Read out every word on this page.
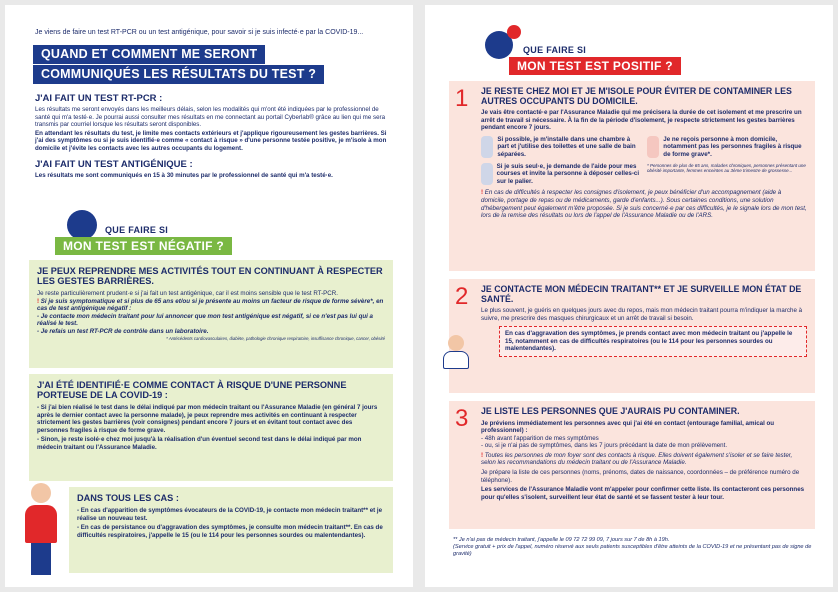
Je viens de faire un test RT-PCR ou un test antigénique, pour savoir si je suis infecté·e par la COVID-19...
QUAND ET COMMENT ME SERONT
COMMUNIQUÉS LES RÉSULTATS DU TEST ?
J'AI FAIT UN TEST RT-PCR :
Les résultats me seront envoyés dans les meilleurs délais, selon les modalités qui m'ont été indiquées par le professionnel de santé qui m'a testé·e. Je pourrai aussi consulter mes résultats en me connectant au portail Cyberlab® grâce au lien qui me sera transmis par courriel lorsque les résultats seront disponibles.
En attendant les résultats du test, je limite mes contacts extérieurs et j'applique rigoureusement les gestes barrières. Si j'ai des symptômes ou si je suis identifié·e comme « contact à risque » d'une personne testée positive, je m'isole à mon domicile et j'évite les contacts avec les autres occupants du logement.
J'AI FAIT UN TEST ANTIGÉNIQUE :
Les résultats me sont communiqués en 15 à 30 minutes par le professionnel de santé qui m'a testé·e.
QUE FAIRE SI
MON TEST EST NÉGATIF ?
JE PEUX REPRENDRE MES ACTIVITÉS TOUT EN CONTINUANT À RESPECTER LES GESTES BARRIÈRES.
Je reste particulièrement prudent·e si j'ai fait un test antigénique, car il est moins sensible que le test RT-PCR.
! Si je suis symptomatique et si plus de 65 ans et/ou si je présente au moins un facteur de risque de forme sévère*, en cas de test antigénique négatif :
- Je contacte mon médecin traitant pour lui annoncer que mon test antigénique est négatif, si ce n'est pas lui qui a réalisé le test.
- Je refais un test RT-PCR de contrôle dans un laboratoire.
* Antécédents cardiovasculaires, diabète, pathologie chronique respiratoire, insuffisance chronique, cancer, obésité
J'AI ÉTÉ IDENTIFIÉ·E COMME CONTACT À RISQUE D'UNE PERSONNE PORTEUSE DE LA COVID-19 :
- Si j'ai bien réalisé le test dans le délai indiqué par mon médecin traitant ou l'Assurance Maladie (en général 7 jours après le dernier contact avec la personne malade), je peux reprendre mes activités en continuant à respecter strictement les gestes barrières (voir consignes) pendant encore 7 jours et en évitant tout contact avec des personnes fragiles à risque de forme grave.
- Sinon, je reste isolé·e chez moi jusqu'à la réalisation d'un éventuel second test dans le délai indiqué par mon médecin traitant ou l'Assurance Maladie.
DANS TOUS LES CAS :
- En cas d'apparition de symptômes évocateurs de la COVID-19, je contacte mon médecin traitant** et je réalise un nouveau test.
- En cas de persistance ou d'aggravation des symptômes, je consulte mon médecin traitant**. En cas de difficultés respiratoires, j'appelle le 15 (ou le 114 pour les personnes sourdes ou malentendantes).
QUE FAIRE SI
MON TEST EST POSITIF ?
1 JE RESTE CHEZ MOI ET JE M'ISOLE POUR ÉVITER DE CONTAMINER LES AUTRES OCCUPANTS DU DOMICILE.
Je vais être contacté·e par l'Assurance Maladie qui me précisera la durée de cet isolement et me prescrire un arrêt de travail si nécessaire. À la fin de la période d'isolement, je respecte strictement les gestes barrières pendant encore 7 jours.
Si possible, je m'installe dans une chambre à part et j'utilise des toilettes et une salle de bain séparées.
Je ne reçois personne à mon domicile, notamment pas les personnes fragiles à risque de forme grave*.
Si je suis seul·e, je demande de l'aide pour mes courses et invite la personne à déposer celles-ci sur le palier.
* Personnes de plus de 65 ans, malades chroniques, personnes présentant une obésité importante, femmes enceintes au 3ème trimestre de grossesse...
! En cas de difficultés à respecter les consignes d'isolement, je peux bénéficier d'un accompagnement (aide à domicile, portage de repas ou de médicaments, garde d'enfants...). Sous certaines conditions, une solution d'hébergement peut également m'être proposée. Si je suis concerné·e par ces difficultés, je le signale lors de mon test, lors de la remise des résultats ou lors de l'appel de l'Assurance Maladie ou de l'ARS.
2 JE CONTACTE MON MÉDECIN TRAITANT** ET JE SURVEILLE MON ÉTAT DE SANTÉ.
Le plus souvent, je guéris en quelques jours avec du repos, mais mon médecin traitant pourra m'indiquer la marche à suivre, me prescrire des masques chirurgicaux et un arrêt de travail si besoin.
En cas d'aggravation des symptômes, je prends contact avec mon médecin traitant ou j'appelle le 15, notamment en cas de difficultés respiratoires (ou le 114 pour les personnes sourdes ou malentendantes).
3 JE LISTE LES PERSONNES QUE J'AURAIS PU CONTAMINER.
Je préviens immédiatement les personnes avec qui j'ai été en contact (entourage familial, amical ou professionnel) :
- 48h avant l'apparition de mes symptômes
- ou, si je n'ai pas de symptômes, dans les 7 jours précédant la date de mon prélèvement.
! Toutes les personnes de mon foyer sont des contacts à risque. Elles doivent également s'isoler et se faire tester, selon les recommandations du médecin traitant ou de l'Assurance Maladie.
Je prépare la liste de ces personnes (noms, prénoms, dates de naissance, coordonnées – de préférence numéro de téléphone).
Les services de l'Assurance Maladie vont m'appeler pour confirmer cette liste. Ils contacteront ces personnes pour qu'elles s'isolent, surveillent leur état de santé et se fassent tester à leur tour.
** Je n'ai pas de médecin traitant, j'appelle le 09 72 72 99 09, 7 jours sur 7 de 8h à 19h.
(Service gratuit + prix de l'appel, numéro réservé aux seuls patients susceptibles d'être atteints de la COVID-19 et ne présentant pas de signe de gravité)
